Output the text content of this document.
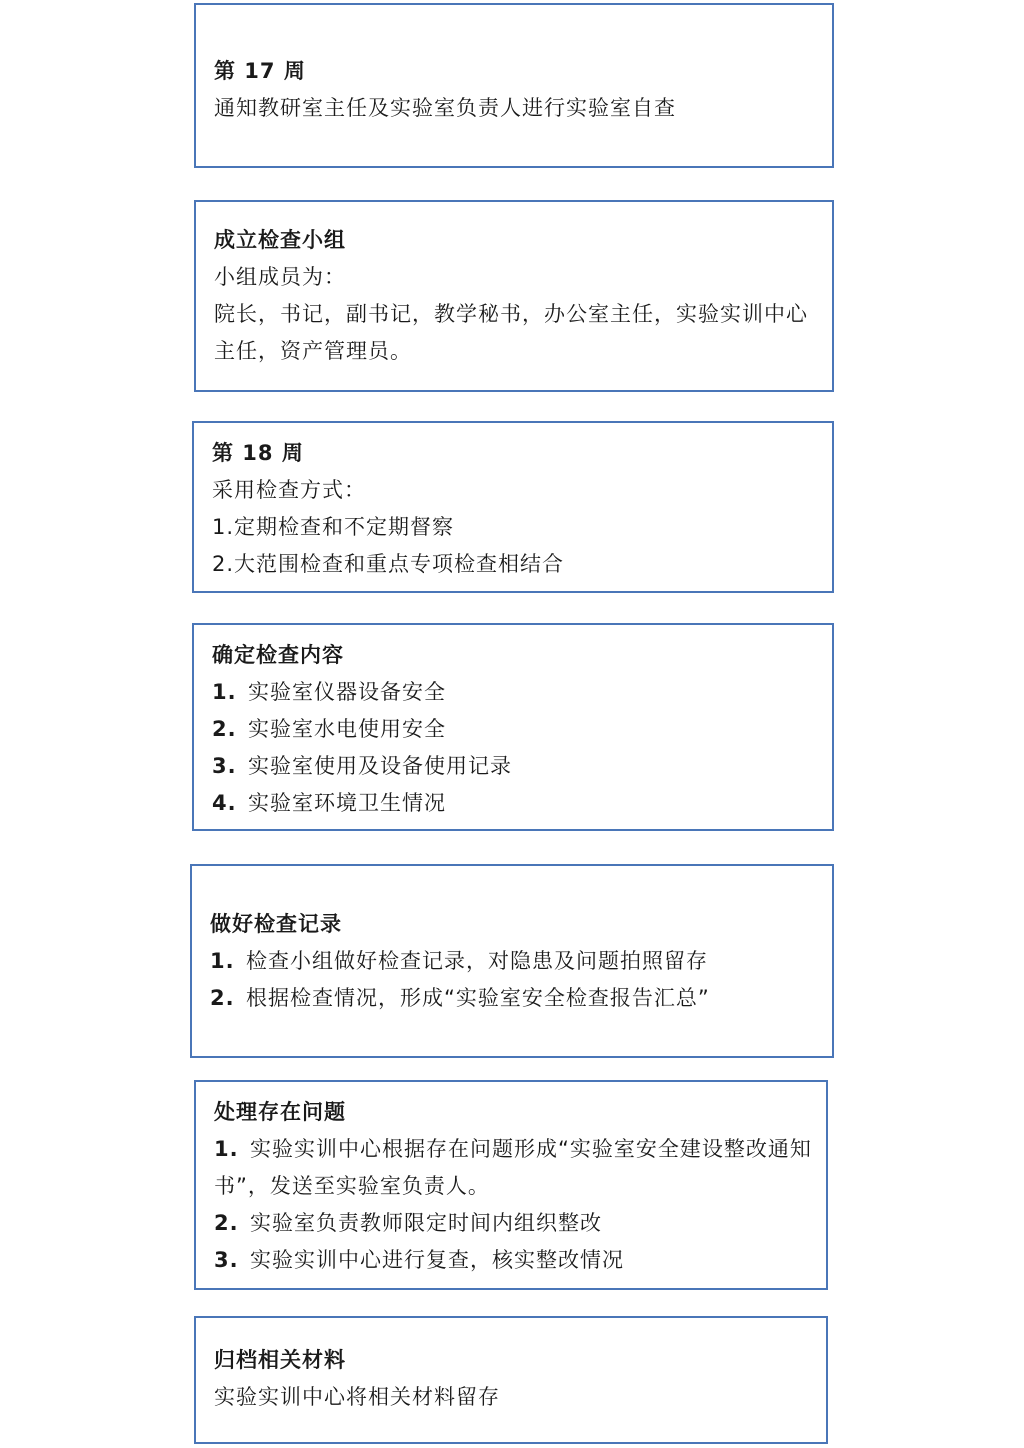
第 17 周

通知教研室主任及实验室负责人进行实验室自查

成立检查小组

小组成员为：

院长，书记，副书记，教学秘书，办公室主任，实验实训中心主任，资产管理员。

第 18 周

采用检查方式：

1.定期检查和不定期督察

2.大范围检查和重点专项检查相结合

确定检查内容

1. 实验室仪器设备安全

2. 实验室水电使用安全

3. 实验室使用及设备使用记录

4. 实验室环境卫生情况

做好检查记录

1. 检查小组做好检查记录，对隐患及问题拍照留存

2. 根据检查情况，形成“实验室安全检查报告汇总”

处理存在问题

1. 实验实训中心根据存在问题形成“实验室安全建设整改通知书”，发送至实验室负责人。

2. 实验室负责教师限定时间内组织整改

3. 实验实训中心进行复查，核实整改情况

归档相关材料

实验实训中心将相关材料留存
